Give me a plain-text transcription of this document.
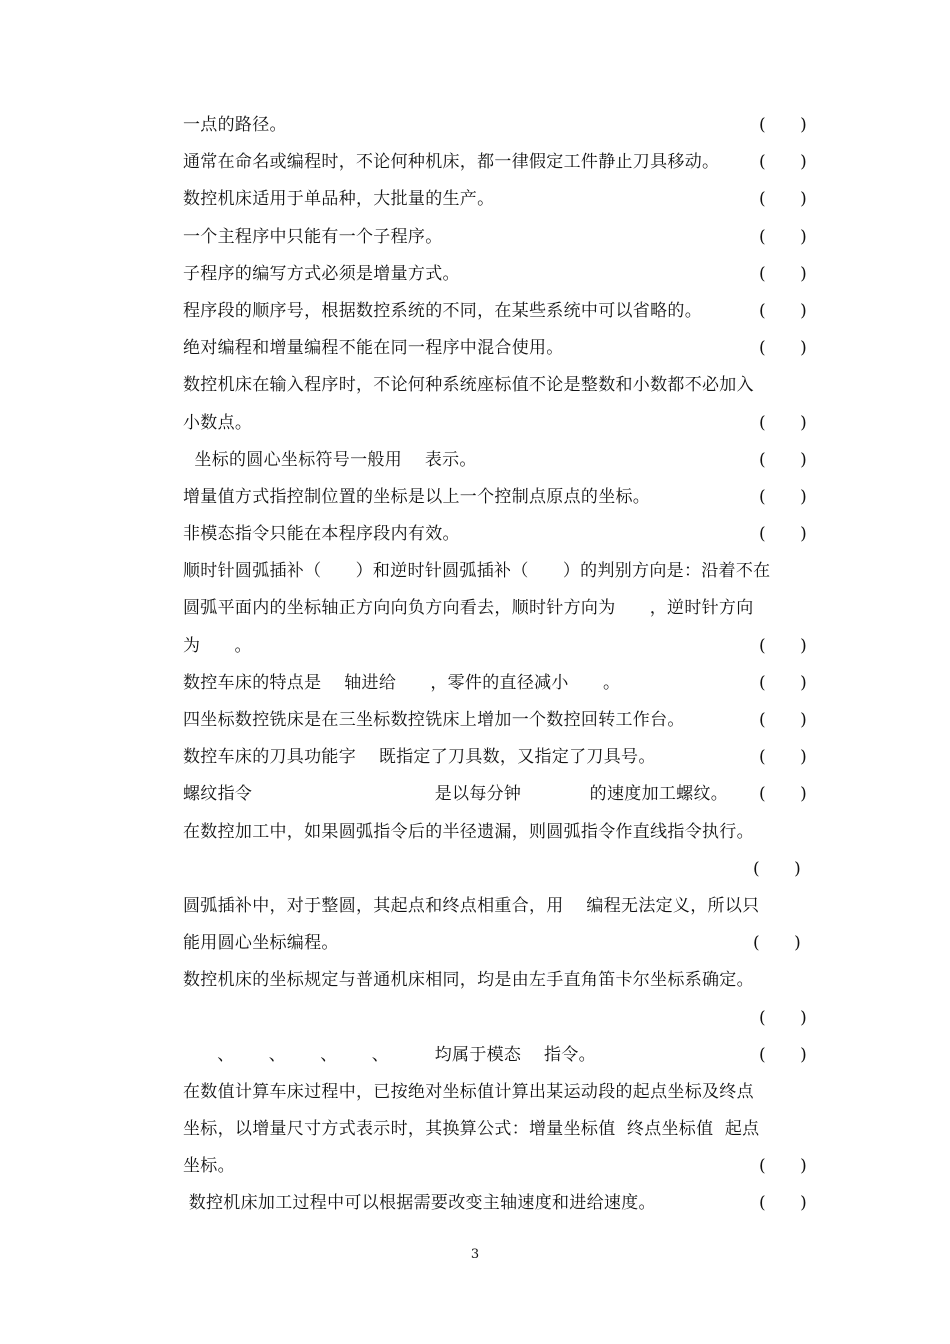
一点的路径。	(      )
通常在命名或编程时，不论何种机床，都一律假定工件静止刀具移动。 (      )
数控机床适用于单品种，大批量的生产。	(      )
一个主程序中只能有一个子程序。	(      )
子程序的编写方式必须是增量方式。	(      )
程序段的顺序号，根据数控系统的不同，在某些系统中可以省略的。	(      )
绝对编程和增量编程不能在同一程序中混合使用。	(      )
数控机床在输入程序时，不论何种系统座标值不论是整数和小数都不必加入
小数点。	(      )
坐标的圆心坐标符号一般用    表示。	(      )
增量值方式指控制位置的坐标是以上一个控制点原点的坐标。	(      )
非模态指令只能在本程序段内有效。	(      )
顺时针圆弧插补（      ）和逆时针圆弧插补（      ）的判别方向是：沿着不在
圆弧平面内的坐标轴正方向向负方向看去，顺时针方向为      ，逆时针方向
为      。	(      )
数控车床的特点是    轴进给      ，零件的直径减小      。	(      )
四坐标数控铣床是在三坐标数控铣床上增加一个数控回转工作台。	(      )
数控车床的刀具功能字    既指定了刀具数，又指定了刀具号。	(      )
螺纹指令                                是以每分钟            的速度加工螺纹。 (      )
在数控加工中，如果圆弧指令后的半径遗漏，则圆弧指令作直线指令执行。
(      )
圆弧插补中，对于整圆，其起点和终点相重合，用    编程无法定义，所以只
能用圆心坐标编程。	(      )
数控机床的坐标规定与普通机床相同，均是由左手直角笛卡尔坐标系确定。
(      )
、      、      、      、        均属于模态    指令。	(      )
在数值计算车床过程中，已按绝对坐标值计算出某运动段的起点坐标及终点
坐标，以增量尺寸方式表示时，其换算公式：增量坐标值  终点坐标值  起点
坐标。	(      )
数控机床加工过程中可以根据需要改变主轴速度和进给速度。	(      )
3
